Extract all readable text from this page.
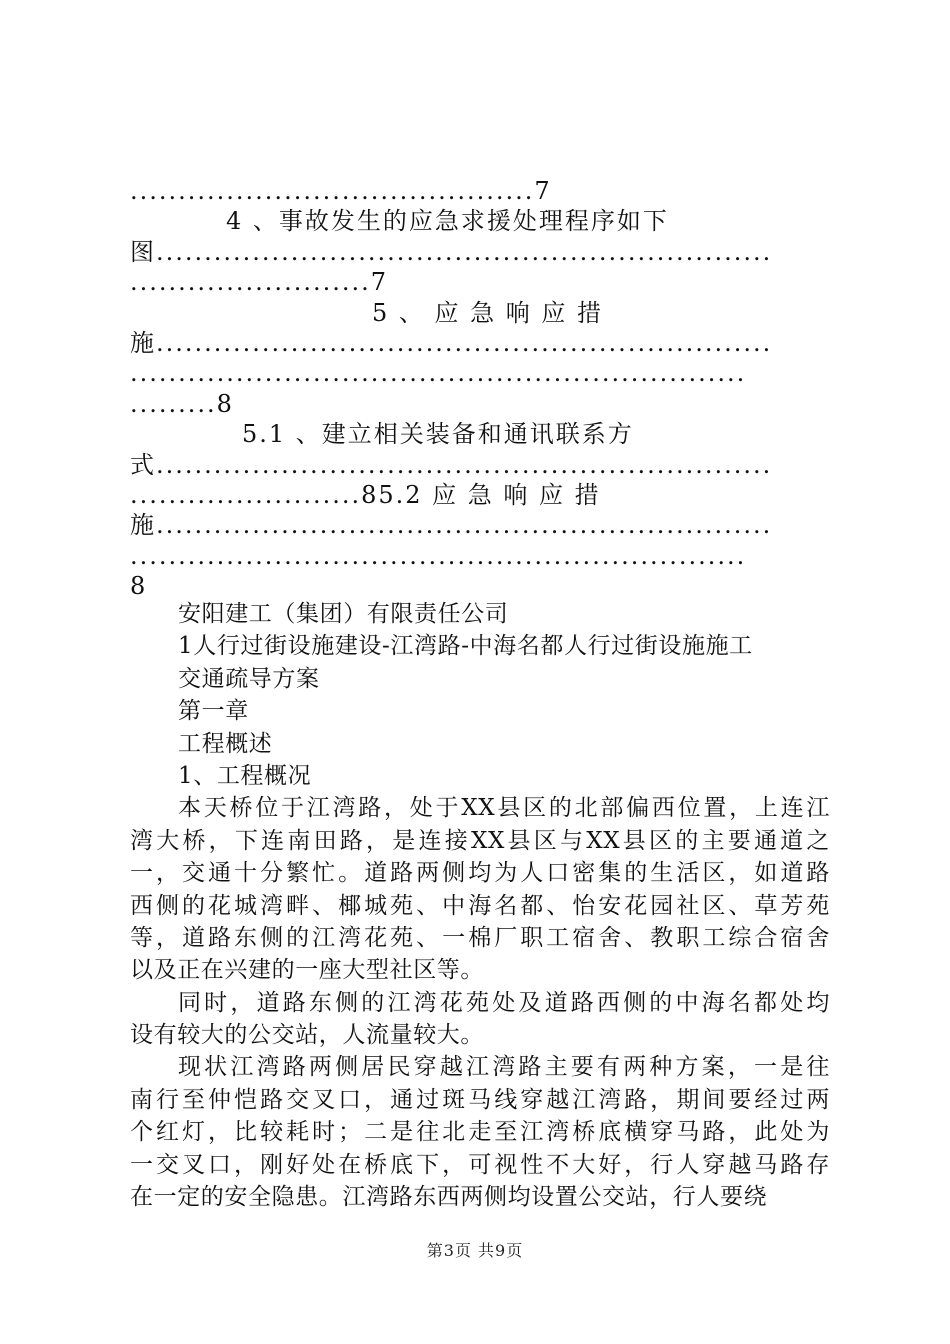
..........................................7
4 、事故发生的应急求援处理程序如下
图................................................................
.........................7
5 、 应 急 响 应 措
施................................................................
................................................................
.........8
5.1 、建立相关装备和通讯联系方
式................................................................
........................85.2 应 急 响 应 措
施................................................................
................................................................
8
安阳建工（集团）有限责任公司
1人行过街设施建设-江湾路-中海名都人行过街设施施工
交通疏导方案
第一章
工程概述
1、工程概况
本天桥位于江湾路，处于XX县区的北部偏西位置，上连江
湾大桥，下连南田路，是连接XX县区与XX县区的主要通道之
一，交通十分繁忙。道路两侧均为人口密集的生活区，如道路
西侧的花城湾畔、椰城苑、中海名都、怡安花园社区、草芳苑
等，道路东侧的江湾花苑、一棉厂职工宿舍、教职工综合宿舍
以及正在兴建的一座大型社区等。
同时，道路东侧的江湾花苑处及道路西侧的中海名都处均
设有较大的公交站，人流量较大。
现状江湾路两侧居民穿越江湾路主要有两种方案，一是往
南行至仲恺路交叉口，通过斑马线穿越江湾路，期间要经过两
个红灯，比较耗时；二是往北走至江湾桥底横穿马路，此处为
一交叉口，刚好处在桥底下，可视性不大好，行人穿越马路存
在一定的安全隐患。江湾路东西两侧均设置公交站，行人要绕
第3页 共9页
